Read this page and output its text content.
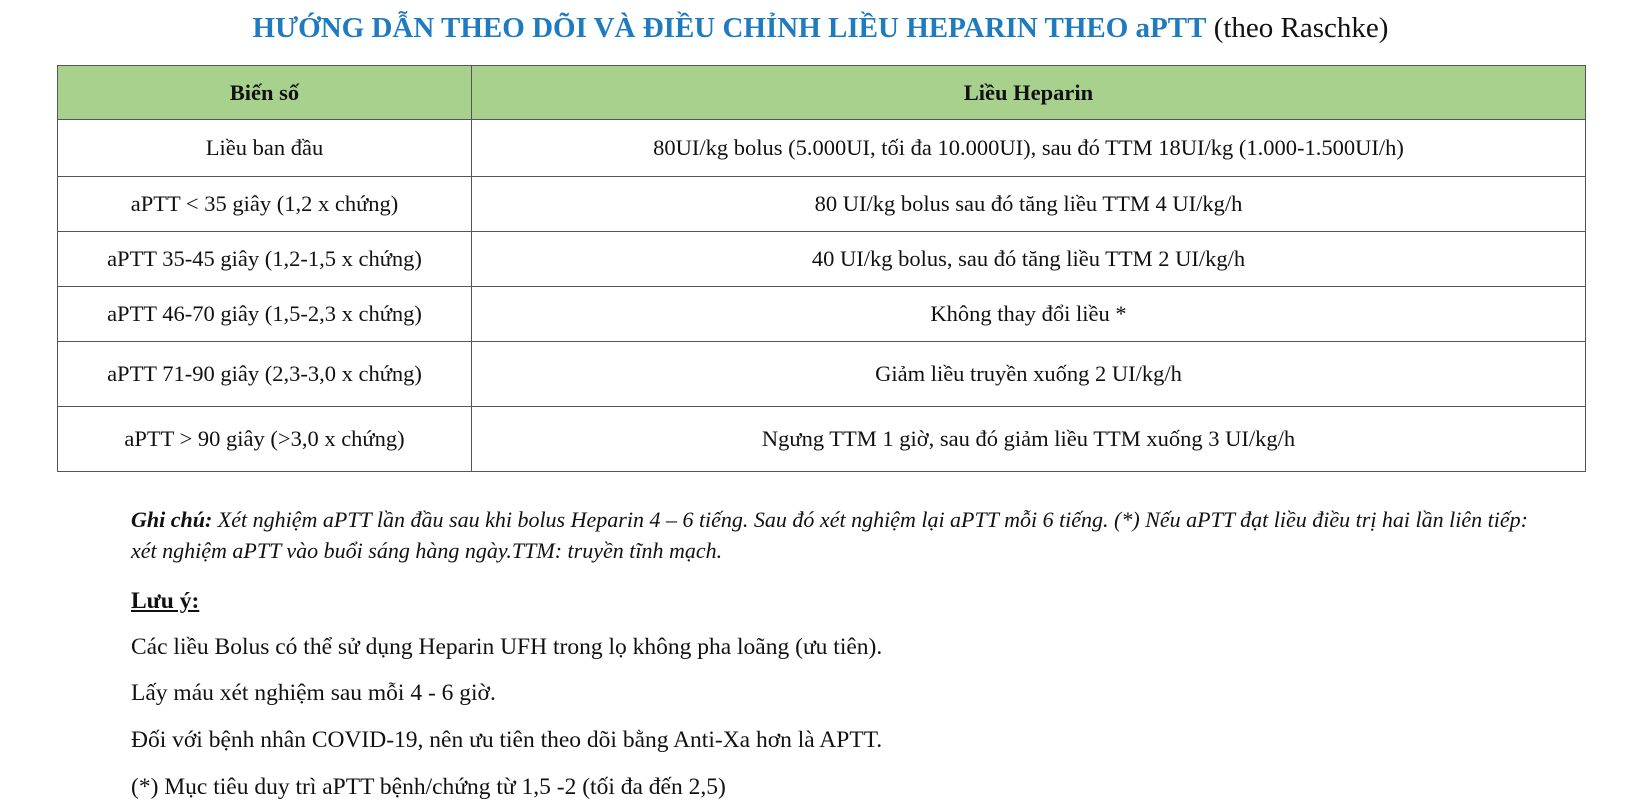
HƯỚNG DẪN THEO DÕI VÀ ĐIỀU CHỈNH LIỀU HEPARIN THEO aPTT (theo Raschke)
Biến số	Liều Heparin
Liều ban đầu	80UI/kg bolus (5.000UI, tối đa 10.000UI), sau đó TTM 18UI/kg (1.000-1.500UI/h)
aPTT < 35 giây (1,2 x chứng)	80 UI/kg bolus sau đó tăng liều TTM 4 UI/kg/h
aPTT 35-45 giây (1,2-1,5 x chứng)	40 UI/kg bolus, sau đó tăng liều TTM 2 UI/kg/h
aPTT 46-70 giây (1,5-2,3 x chứng)	Không thay đổi liều *
aPTT 71-90 giây (2,3-3,0 x chứng)	Giảm liều truyền xuống 2 UI/kg/h
aPTT > 90 giây (>3,0 x chứng)	Ngưng TTM 1 giờ, sau đó giảm liều TTM xuống 3 UI/kg/h
Ghi chú: Xét nghiệm aPTT lần đầu sau khi bolus Heparin 4 – 6 tiếng. Sau đó xét nghiệm lại aPTT mỗi 6 tiếng. (*) Nếu aPTT đạt liều điều trị hai lần liên tiếp: xét nghiệm aPTT vào buổi sáng hàng ngày.TTM: truyền tĩnh mạch.
Lưu ý:
Các liều Bolus có thể sử dụng Heparin UFH trong lọ không pha loãng (ưu tiên).
Lấy máu xét nghiệm sau mỗi 4 - 6 giờ.
Đối với bệnh nhân COVID-19, nên ưu tiên theo dõi bằng Anti-Xa hơn là APTT.
(*) Mục tiêu duy trì aPTT bệnh/chứng từ 1,5 -2 (tối đa đến 2,5)
